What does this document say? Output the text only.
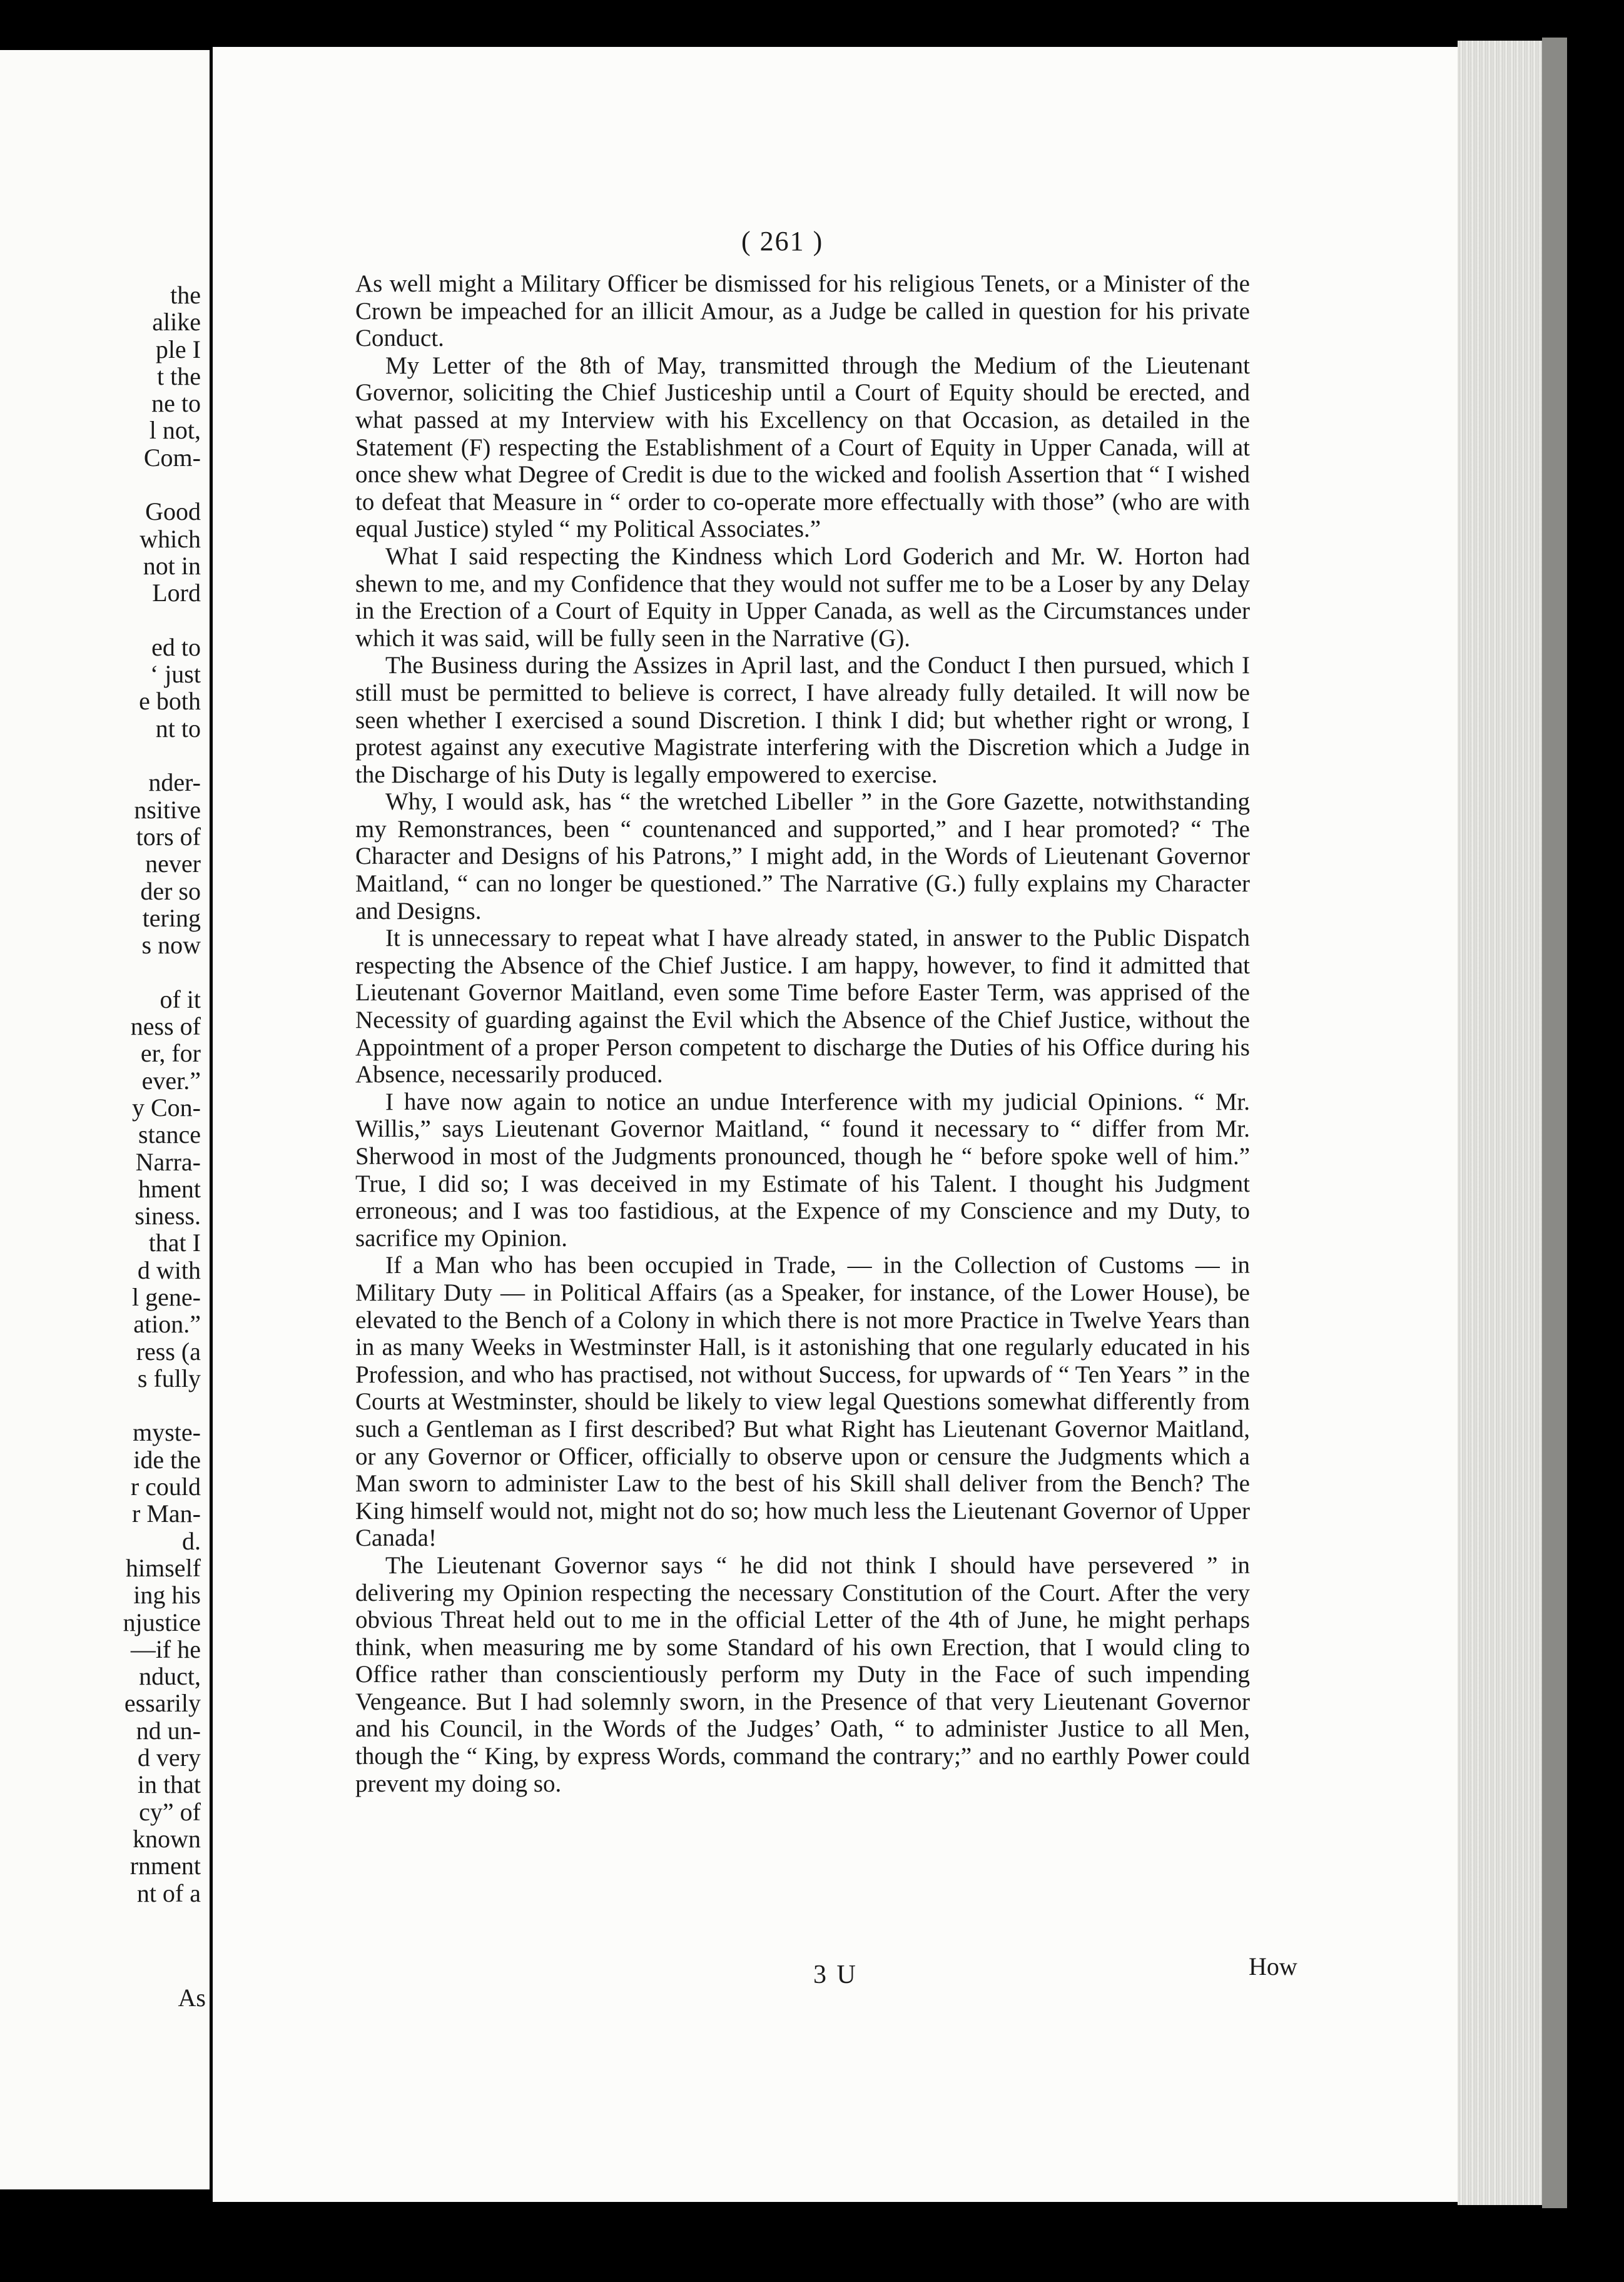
the
alike
ple I
t the
ne to
l not,
Com-
Good
which
not in
Lord
ed to
‘ just
e both
nt to
nder-
nsitive
tors of
never
der so
tering
s now
of it
ness of
er, for
ever.”
y Con-
stance
Narra-
hment
siness.
that I
d with
l gene-
ation.”
ress (a
s fully
myste-
ide the
r could
r Man-
d.
himself
ing his
njustice
—if he
nduct,
essarily
nd un-
d very
in that
cy” of
known
rnment
nt of a
As
( 261 )

As well might a Military Officer be dismissed for his religious Tenets, or a Minister of the Crown be impeached for an illicit Amour, as a Judge be called in question for his private Conduct.

My Letter of the 8th of May, transmitted through the Medium of the Lieutenant Governor, soliciting the Chief Justiceship until a Court of Equity should be erected, and what passed at my Interview with his Excellency on that Occasion, as detailed in the Statement (F) respecting the Establishment of a Court of Equity in Upper Canada, will at once shew what Degree of Credit is due to the wicked and foolish Assertion that “ I wished to defeat that Measure in “ order to co-operate more effectually with those” (who are with equal Justice) styled “ my Political Associates.”

What I said respecting the Kindness which Lord Goderich and Mr. W. Horton had shewn to me, and my Confidence that they would not suffer me to be a Loser by any Delay in the Erection of a Court of Equity in Upper Canada, as well as the Circumstances under which it was said, will be fully seen in the Narrative (G).

The Business during the Assizes in April last, and the Conduct I then pursued, which I still must be permitted to believe is correct, I have already fully detailed. It will now be seen whether I exercised a sound Discretion. I think I did; but whether right or wrong, I protest against any executive Magistrate interfering with the Discretion which a Judge in the Discharge of his Duty is legally empowered to exercise.

Why, I would ask, has “ the wretched Libeller ” in the Gore Gazette, notwithstanding my Remonstrances, been “ countenanced and supported,” and I hear promoted? “ The Character and Designs of his Patrons,” I might add, in the Words of Lieutenant Governor Maitland, “ can no longer be questioned.” The Narrative (G.) fully explains my Character and Designs.

It is unnecessary to repeat what I have already stated, in answer to the Public Dispatch respecting the Absence of the Chief Justice. I am happy, however, to find it admitted that Lieutenant Governor Maitland, even some Time before Easter Term, was apprised of the Necessity of guarding against the Evil which the Absence of the Chief Justice, without the Appointment of a proper Person competent to discharge the Duties of his Office during his Absence, necessarily produced.

I have now again to notice an undue Interference with my judicial Opinions. “ Mr. Willis,” says Lieutenant Governor Maitland, “ found it necessary to “ differ from Mr. Sherwood in most of the Judgments pronounced, though he “ before spoke well of him.” True, I did so; I was deceived in my Estimate of his Talent. I thought his Judgment erroneous; and I was too fastidious, at the Expence of my Conscience and my Duty, to sacrifice my Opinion.

If a Man who has been occupied in Trade, — in the Collection of Customs — in Military Duty — in Political Affairs (as a Speaker, for instance, of the Lower House), be elevated to the Bench of a Colony in which there is not more Practice in Twelve Years than in as many Weeks in Westminster Hall, is it astonishing that one regularly educated in his Profession, and who has practised, not without Success, for upwards of “ Ten Years ” in the Courts at Westminster, should be likely to view legal Questions somewhat differently from such a Gentleman as I first described? But what Right has Lieutenant Governor Maitland, or any Governor or Officer, officially to observe upon or censure the Judgments which a Man sworn to administer Law to the best of his Skill shall deliver from the Bench? The King himself would not, might not do so; how much less the Lieutenant Governor of Upper Canada!

The Lieutenant Governor says “ he did not think I should have persevered ” in delivering my Opinion respecting the necessary Constitution of the Court. After the very obvious Threat held out to me in the official Letter of the 4th of June, he might perhaps think, when measuring me by some Standard of his own Erection, that I would cling to Office rather than conscientiously perform my Duty in the Face of such impending Vengeance. But I had solemnly sworn, in the Presence of that very Lieutenant Governor and his Council, in the Words of the Judges’ Oath, “ to administer Justice to all Men, though the “ King, by express Words, command the contrary;” and no earthly Power could prevent my doing so.

3 U	How
